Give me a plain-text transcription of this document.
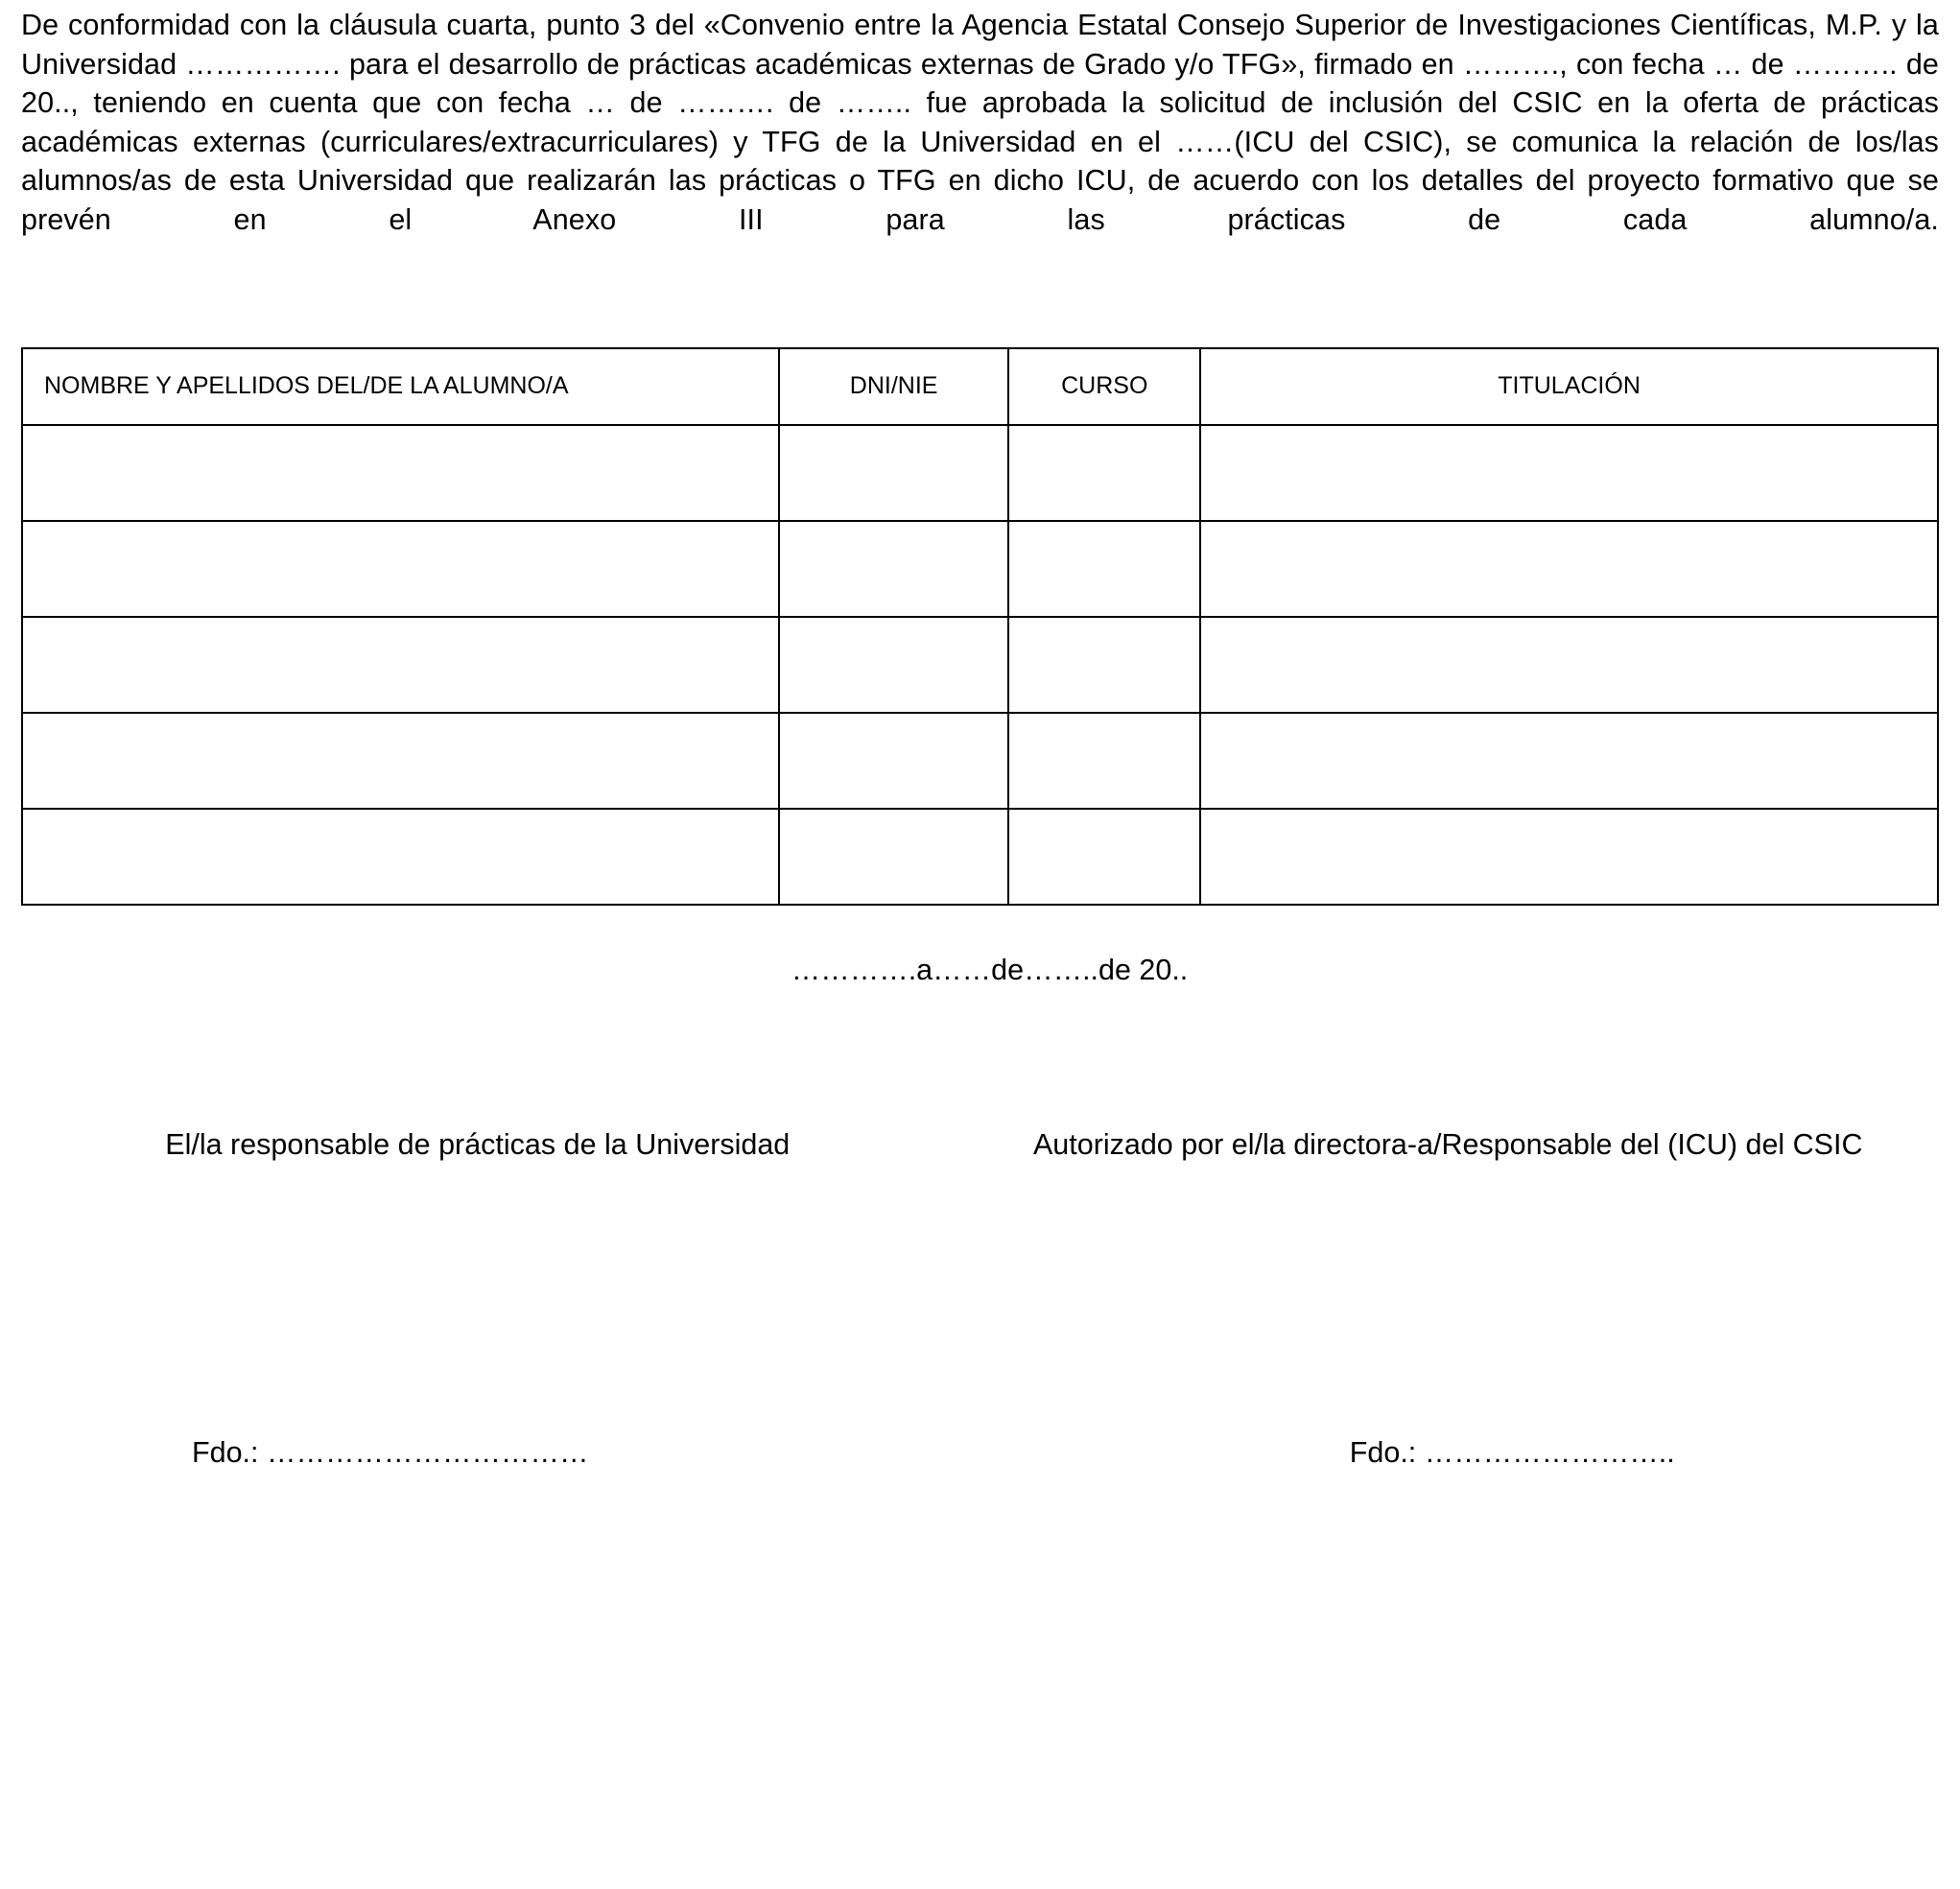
De conformidad con la cláusula cuarta, punto 3 del «Convenio entre la Agencia Estatal Consejo Superior de Investigaciones Científicas, M.P. y la Universidad ……………. para el desarrollo de prácticas académicas externas de Grado y/o TFG», firmado en ………., con fecha … de ……….. de 20.., teniendo en cuenta que con fecha … de ………. de …….. fue aprobada la solicitud de inclusión del CSIC en la oferta de prácticas académicas externas (curriculares/extracurriculares) y TFG de la Universidad en el ……(ICU del CSIC), se comunica la relación de los/las alumnos/as de esta Universidad que realizarán las prácticas o TFG en dicho ICU, de acuerdo con los detalles del proyecto formativo que se prevén en el Anexo III para las prácticas de cada alumno/a.

NOMBRE Y APELLIDOS DEL/DE LA ALUMNO/A	DNI/NIE	CURSO	TITULACIÓN

………….a……de……..de 20..
El/la responsable de prácticas de la Universidad	Autorizado por el/la directora-a/Responsable del (ICU) del CSIC
Fdo.: ……………………………	Fdo.: ……………………..
